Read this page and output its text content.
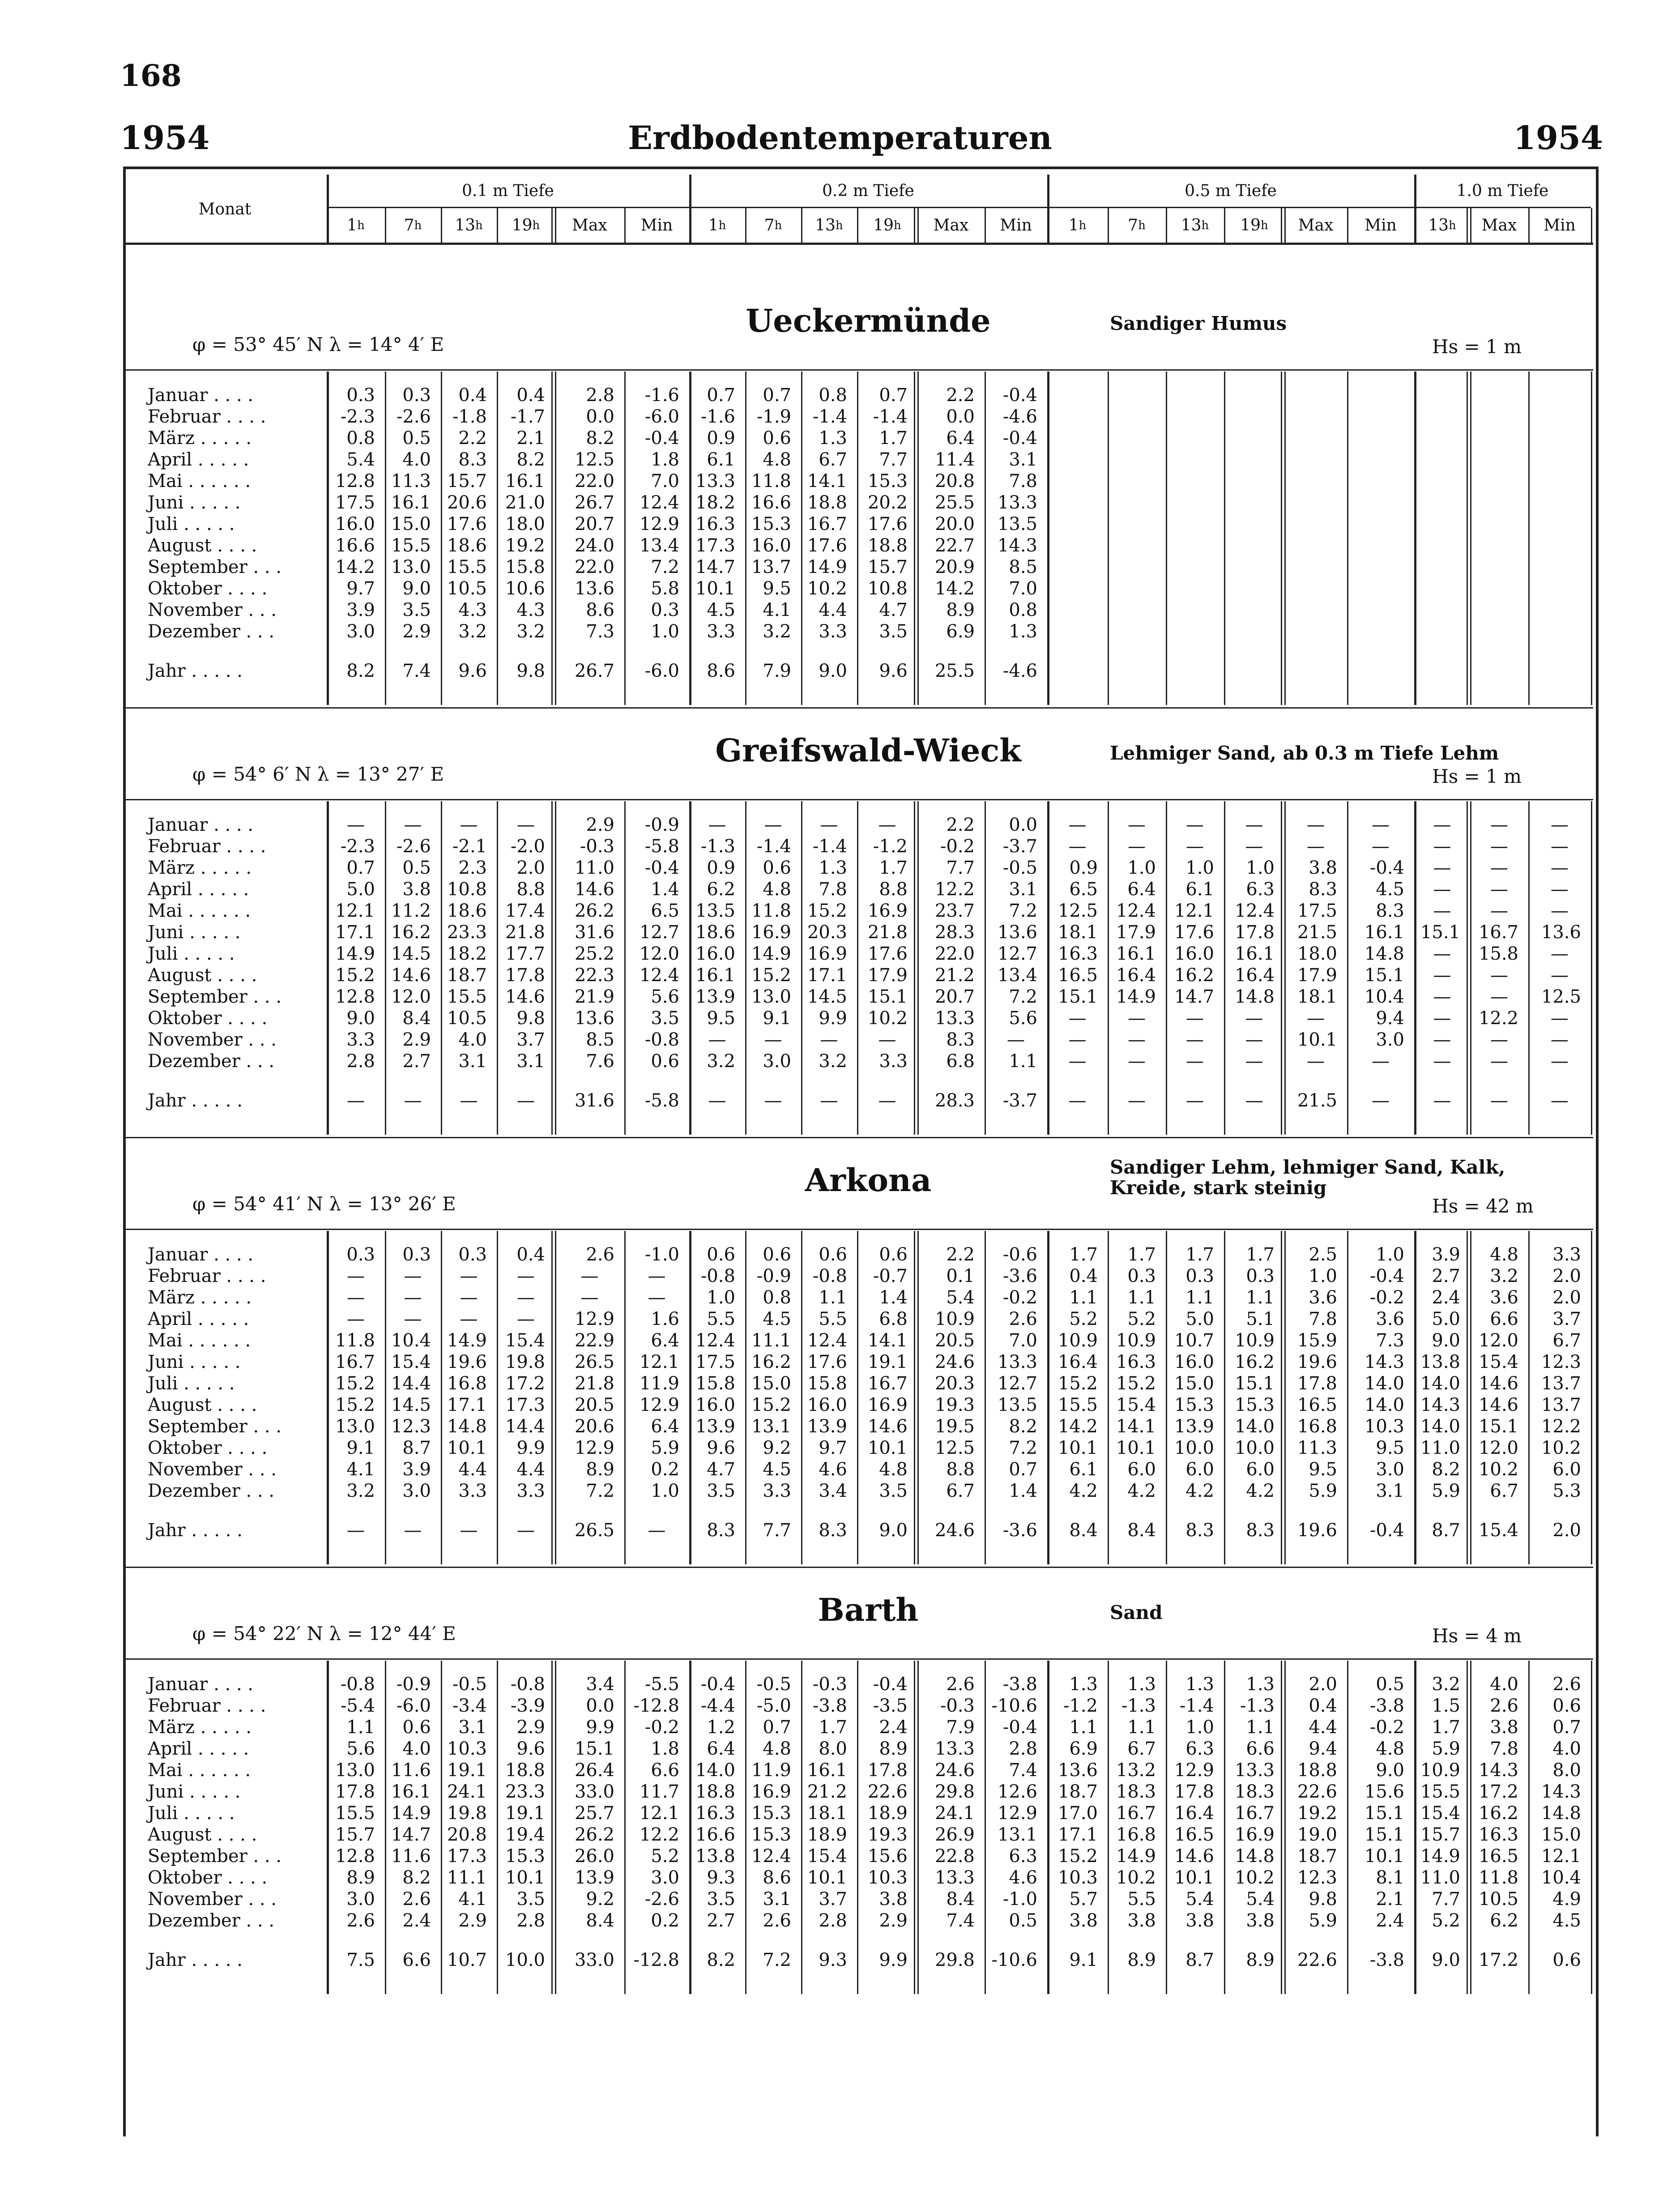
168
1954	Erdbodentemperaturen	1954
Monat
0.1 m Tiefe	0.2 m Tiefe	0.5 m Tiefe	1.0 m Tiefe
1 h 7 h 13 h 19 h	Max	Min	1 h 7 h 13 h 19 h	Max	Min	1 h	7 h 13 h 19 h	Max	Min	13 h	Max	Min
Ueckermünde	Sandiger Humus
φ = 53° 45′ N λ = 14° 4′ E	Hs = 1 m
Januar . . . .	0.3	0.3	0.4	0.4	2.8	-1.6	0.7	0.7	0.8	0.7	2.2	-0.4
Februar . . . .	-2.3	-2.6	-1.8	-1.7	0.0	-6.0	-1.6	-1.9	-1.4	-1.4	0.0	-4.6
März . . . . .	0.8	0.5	2.2	2.1	8.2	-0.4	0.9	0.6	1.3	1.7	6.4	-0.4
April . . . . .	5.4	4.0	8.3	8.2	12.5	1.8	6.1	4.8	6.7	7.7	11.4	3.1
Mai . . . . . .	12.8 11.3 15.7	16.1	22.0	7.0 13.3 11.8 14.1	15.3	20.8	7.8
Juni . . . . .	17.5 16.1 20.6	21.0	26.7	12.4 18.2 16.6 18.8	20.2	25.5	13.3
Juli . . . . .	16.0 15.0 17.6	18.0	20.7	12.9 16.3 15.3 16.7	17.6	20.0	13.5
August . . . .	16.6 15.5 18.6	19.2	24.0	13.4 17.3 16.0 17.6	18.8	22.7	14.3
September . . .	14.2 13.0 15.5	15.8	22.0	7.2 14.7 13.7 14.9	15.7	20.9	8.5
Oktober . . . .	9.7	9.0 10.5	10.6	13.6	5.8 10.1	9.5 10.2	10.8	14.2	7.0
November . . .	3.9	3.5	4.3	4.3	8.6	0.3	4.5	4.1	4.4	4.7	8.9	0.8
Dezember . . .	3.0	2.9	3.2	3.2	7.3	1.0	3.3	3.2	3.3	3.5	6.9	1.3
Jahr . . . . .	8.2	7.4	9.6	9.8	26.7	-6.0	8.6	7.9	9.0	9.6	25.5	-4.6
Greifswald-Wieck	Lehmiger Sand, ab 0.3 m Tiefe Lehm
φ = 54° 6′ N λ = 13° 27′ E	Hs = 1 m
Januar . . . .	—	—	—	—	2.9	-0.9	—	—	—	—	2.2	0.0	—	—	—	—	—	—	—	—	—
Februar . . . .	-2.3	-2.6	-2.1	-2.0	-0.3	-5.8	-1.3	-1.4	-1.4	-1.2	-0.2	-3.7	—	—	—	—	—	—	—	—	—
März . . . . .	0.7	0.5	2.3	2.0	11.0	-0.4	0.9	0.6	1.3	1.7	7.7	-0.5	0.9	1.0	1.0	1.0	3.8	-0.4	—	—	—
April . . . . .	5.0	3.8 10.8	8.8	14.6	1.4	6.2	4.8	7.8	8.8	12.2	3.1	6.5	6.4	6.1	6.3	8.3	4.5	—	—	—
Mai . . . . . .	12.1 11.2 18.6	17.4	26.2	6.5 13.5 11.8 15.2	16.9	23.7	7.2	12.5	12.4	12.1	12.4	17.5	8.3	—	—	—
Juni . . . . .	17.1 16.2 23.3	21.8	31.6	12.7 18.6 16.9 20.3	21.8	28.3	13.6	18.1	17.9	17.6	17.8	21.5	16.1 15.1	16.7	13.6
Juli . . . . .	14.9 14.5 18.2	17.7	25.2	12.0 16.0 14.9 16.9	17.6	22.0	12.7	16.3	16.1	16.0	16.1	18.0	14.8	—	15.8	—
August . . . .	15.2 14.6 18.7	17.8	22.3	12.4 16.1 15.2 17.1	17.9	21.2	13.4	16.5	16.4	16.2	16.4	17.9	15.1	—	—	—
September . . .	12.8 12.0 15.5	14.6	21.9	5.6 13.9 13.0 14.5	15.1	20.7	7.2	15.1	14.9	14.7	14.8	18.1	10.4	—	—	12.5
Oktober . . . .	9.0	8.4 10.5	9.8	13.6	3.5	9.5	9.1	9.9	10.2	13.3	5.6	—	—	—	—	—	9.4	—	12.2	—
November . . .	3.3	2.9	4.0	3.7	8.5	-0.8	—	—	—	—	8.3	—	—	—	—	—	10.1	3.0	—	—	—
Dezember . . .	2.8	2.7	3.1	3.1	7.6	0.6	3.2	3.0	3.2	3.3	6.8	1.1	—	—	—	—	—	—	—	—	—
Jahr . . . . .	—	—	—	—	31.6	-5.8	—	—	—	—	28.3	-3.7	—	—	—	—	21.5	—	—	—	—
Arkona	Sandiger Lehm, lehmiger Sand, Kalk,
Kreide, stark steinig
φ = 54° 41′ N λ = 13° 26′ E	Hs = 42 m
Januar . . . .	0.3	0.3	0.3	0.4	2.6	-1.0	0.6	0.6	0.6	0.6	2.2	-0.6	1.7	1.7	1.7	1.7	2.5	1.0	3.9	4.8	3.3
Februar . . . .	—	—	—	—	—	—	-0.8	-0.9	-0.8	-0.7	0.1	-3.6	0.4	0.3	0.3	0.3	1.0	-0.4	2.7	3.2	2.0
März . . . . .	—	—	—	—	—	—	1.0	0.8	1.1	1.4	5.4	-0.2	1.1	1.1	1.1	1.1	3.6	-0.2	2.4	3.6	2.0
April . . . . .	—	—	—	—	12.9	1.6	5.5	4.5	5.5	6.8	10.9	2.6	5.2	5.2	5.0	5.1	7.8	3.6	5.0	6.6	3.7
Mai . . . . . .	11.8 10.4 14.9	15.4	22.9	6.4 12.4 11.1 12.4	14.1	20.5	7.0	10.9	10.9	10.7	10.9	15.9	7.3	9.0	12.0	6.7
Juni . . . . .	16.7 15.4 19.6	19.8	26.5	12.1 17.5 16.2 17.6	19.1	24.6	13.3	16.4	16.3	16.0	16.2	19.6	14.3 13.8	15.4	12.3
Juli . . . . .	15.2 14.4 16.8	17.2	21.8	11.9 15.8 15.0 15.8	16.7	20.3	12.7	15.2	15.2	15.0	15.1	17.8	14.0 14.0	14.6	13.7
August . . . .	15.2 14.5 17.1	17.3	20.5	12.9 16.0 15.2 16.0	16.9	19.3	13.5	15.5	15.4	15.3	15.3	16.5	14.0 14.3	14.6	13.7
September . . .	13.0 12.3 14.8	14.4	20.6	6.4 13.9 13.1 13.9	14.6	19.5	8.2	14.2	14.1	13.9	14.0	16.8	10.3 14.0	15.1	12.2
Oktober . . . .	9.1	8.7 10.1	9.9	12.9	5.9	9.6	9.2	9.7	10.1	12.5	7.2	10.1	10.1	10.0	10.0	11.3	9.5 11.0	12.0	10.2
November . . .	4.1	3.9	4.4	4.4	8.9	0.2	4.7	4.5	4.6	4.8	8.8	0.7	6.1	6.0	6.0	6.0	9.5	3.0	8.2	10.2	6.0
Dezember . . .	3.2	3.0	3.3	3.3	7.2	1.0	3.5	3.3	3.4	3.5	6.7	1.4	4.2	4.2	4.2	4.2	5.9	3.1	5.9	6.7	5.3
Jahr . . . . .	—	—	—	—	26.5	—	8.3	7.7	8.3	9.0	24.6	-3.6	8.4	8.4	8.3	8.3	19.6	-0.4	8.7	15.4	2.0
Barth	Sand
φ = 54° 22′ N λ = 12° 44′ E	Hs = 4 m
Januar . . . .	-0.8	-0.9	-0.5	-0.8	3.4	-5.5	-0.4	-0.5	-0.3	-0.4	2.6	-3.8	1.3	1.3	1.3	1.3	2.0	0.5	3.2	4.0	2.6
Februar . . . .	-5.4	-6.0	-3.4	-3.9	0.0	-12.8	-4.4	-5.0	-3.8	-3.5	-0.3 -10.6	-1.2	-1.3	-1.4	-1.3	0.4	-3.8	1.5	2.6	0.6
März . . . . .	1.1	0.6	3.1	2.9	9.9	-0.2	1.2	0.7	1.7	2.4	7.9	-0.4	1.1	1.1	1.0	1.1	4.4	-0.2	1.7	3.8	0.7
April . . . . .	5.6	4.0 10.3	9.6	15.1	1.8	6.4	4.8	8.0	8.9	13.3	2.8	6.9	6.7	6.3	6.6	9.4	4.8	5.9	7.8	4.0
Mai . . . . . .	13.0 11.6 19.1	18.8	26.4	6.6 14.0 11.9 16.1	17.8	24.6	7.4	13.6	13.2	12.9	13.3	18.8	9.0 10.9	14.3	8.0
Juni . . . . .	17.8 16.1 24.1	23.3	33.0	11.7 18.8 16.9 21.2	22.6	29.8	12.6	18.7	18.3	17.8	18.3	22.6	15.6 15.5	17.2	14.3
Juli . . . . .	15.5 14.9 19.8	19.1	25.7	12.1 16.3 15.3 18.1	18.9	24.1	12.9	17.0	16.7	16.4	16.7	19.2	15.1 15.4	16.2	14.8
August . . . .	15.7 14.7 20.8	19.4	26.2	12.2 16.6 15.3 18.9	19.3	26.9	13.1	17.1	16.8	16.5	16.9	19.0	15.1 15.7	16.3	15.0
September . . .	12.8 11.6 17.3	15.3	26.0	5.2 13.8 12.4 15.4	15.6	22.8	6.3	15.2	14.9	14.6	14.8	18.7	10.1 14.9	16.5	12.1
Oktober . . . .	8.9	8.2 11.1	10.1	13.9	3.0	9.3	8.6 10.1	10.3	13.3	4.6	10.3	10.2	10.1	10.2	12.3	8.1 11.0	11.8	10.4
November . . .	3.0	2.6	4.1	3.5	9.2	-2.6	3.5	3.1	3.7	3.8	8.4	-1.0	5.7	5.5	5.4	5.4	9.8	2.1	7.7	10.5	4.9
Dezember . . .	2.6	2.4	2.9	2.8	8.4	0.2	2.7	2.6	2.8	2.9	7.4	0.5	3.8	3.8	3.8	3.8	5.9	2.4	5.2	6.2	4.5
Jahr . . . . .	7.5	6.6 10.7	10.0	33.0	-12.8	8.2	7.2	9.3	9.9	29.8 -10.6	9.1	8.9	8.7	8.9	22.6	-3.8	9.0	17.2	0.6
